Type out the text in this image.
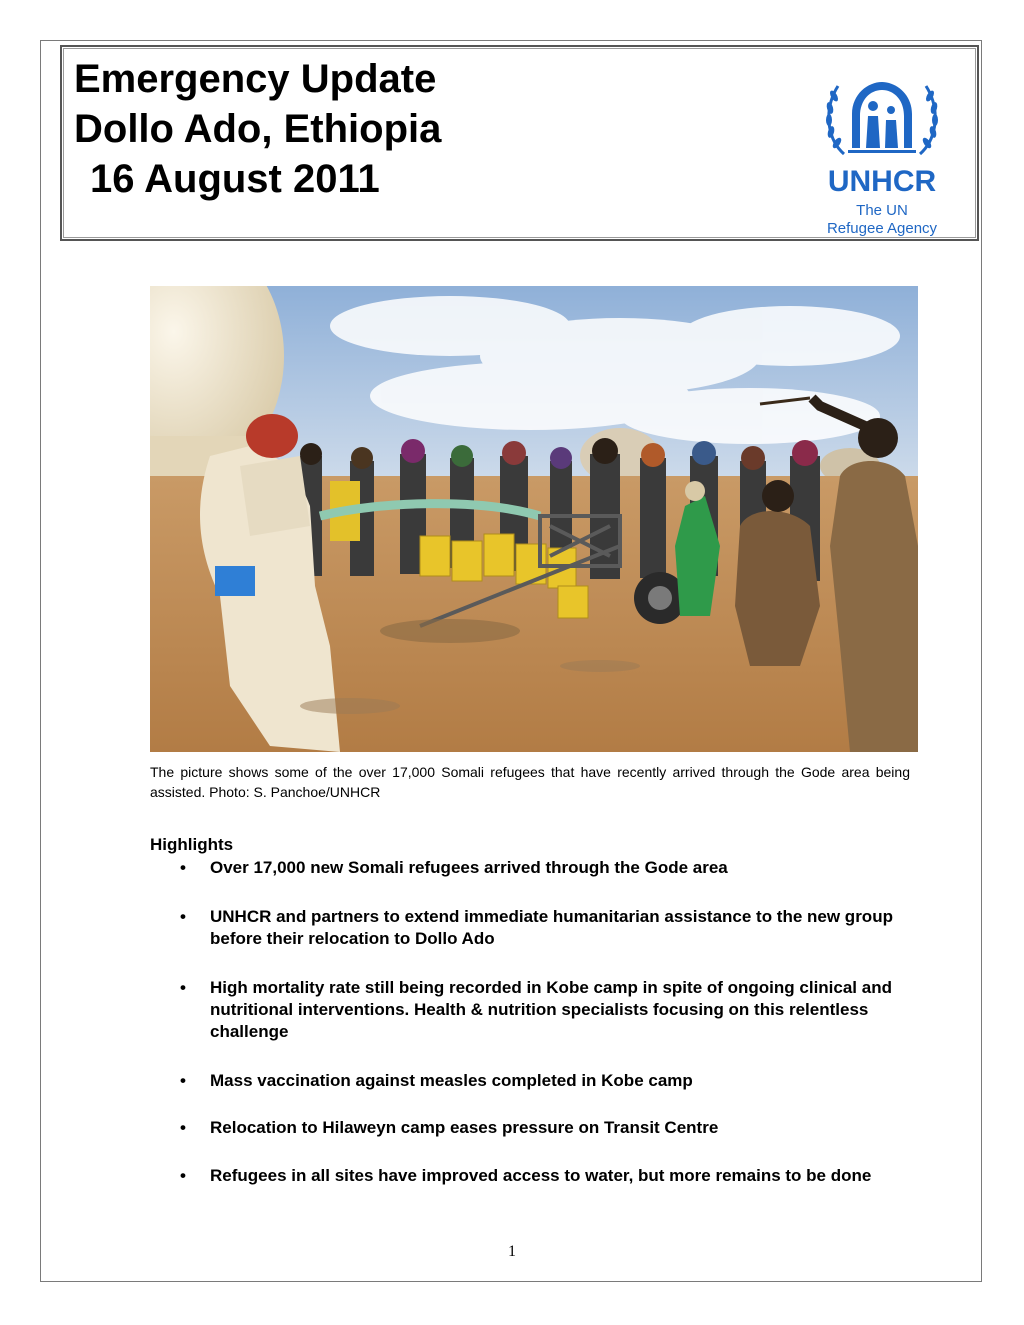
Emergency Update
Dollo Ado, Ethiopia
16 August 2011	UNHCR
The UN
Refugee Agency
The picture shows some of the over 17,000 Somali refugees that have recently arrived through the Gode area being assisted. Photo: S. Panchoe/UNHCR
Highlights
• Over 17,000 new Somali refugees arrived through the Gode area
• UNHCR and partners to extend immediate humanitarian assistance to the new group before their relocation to Dollo Ado
• High mortality rate still being recorded in Kobe camp in spite of ongoing clinical and nutritional interventions. Health & nutrition specialists focusing on this relentless challenge
• Mass vaccination against measles completed in Kobe camp
• Relocation to Hilaweyn camp eases pressure on Transit Centre
• Refugees in all sites have improved access to water, but more remains to be done
1
